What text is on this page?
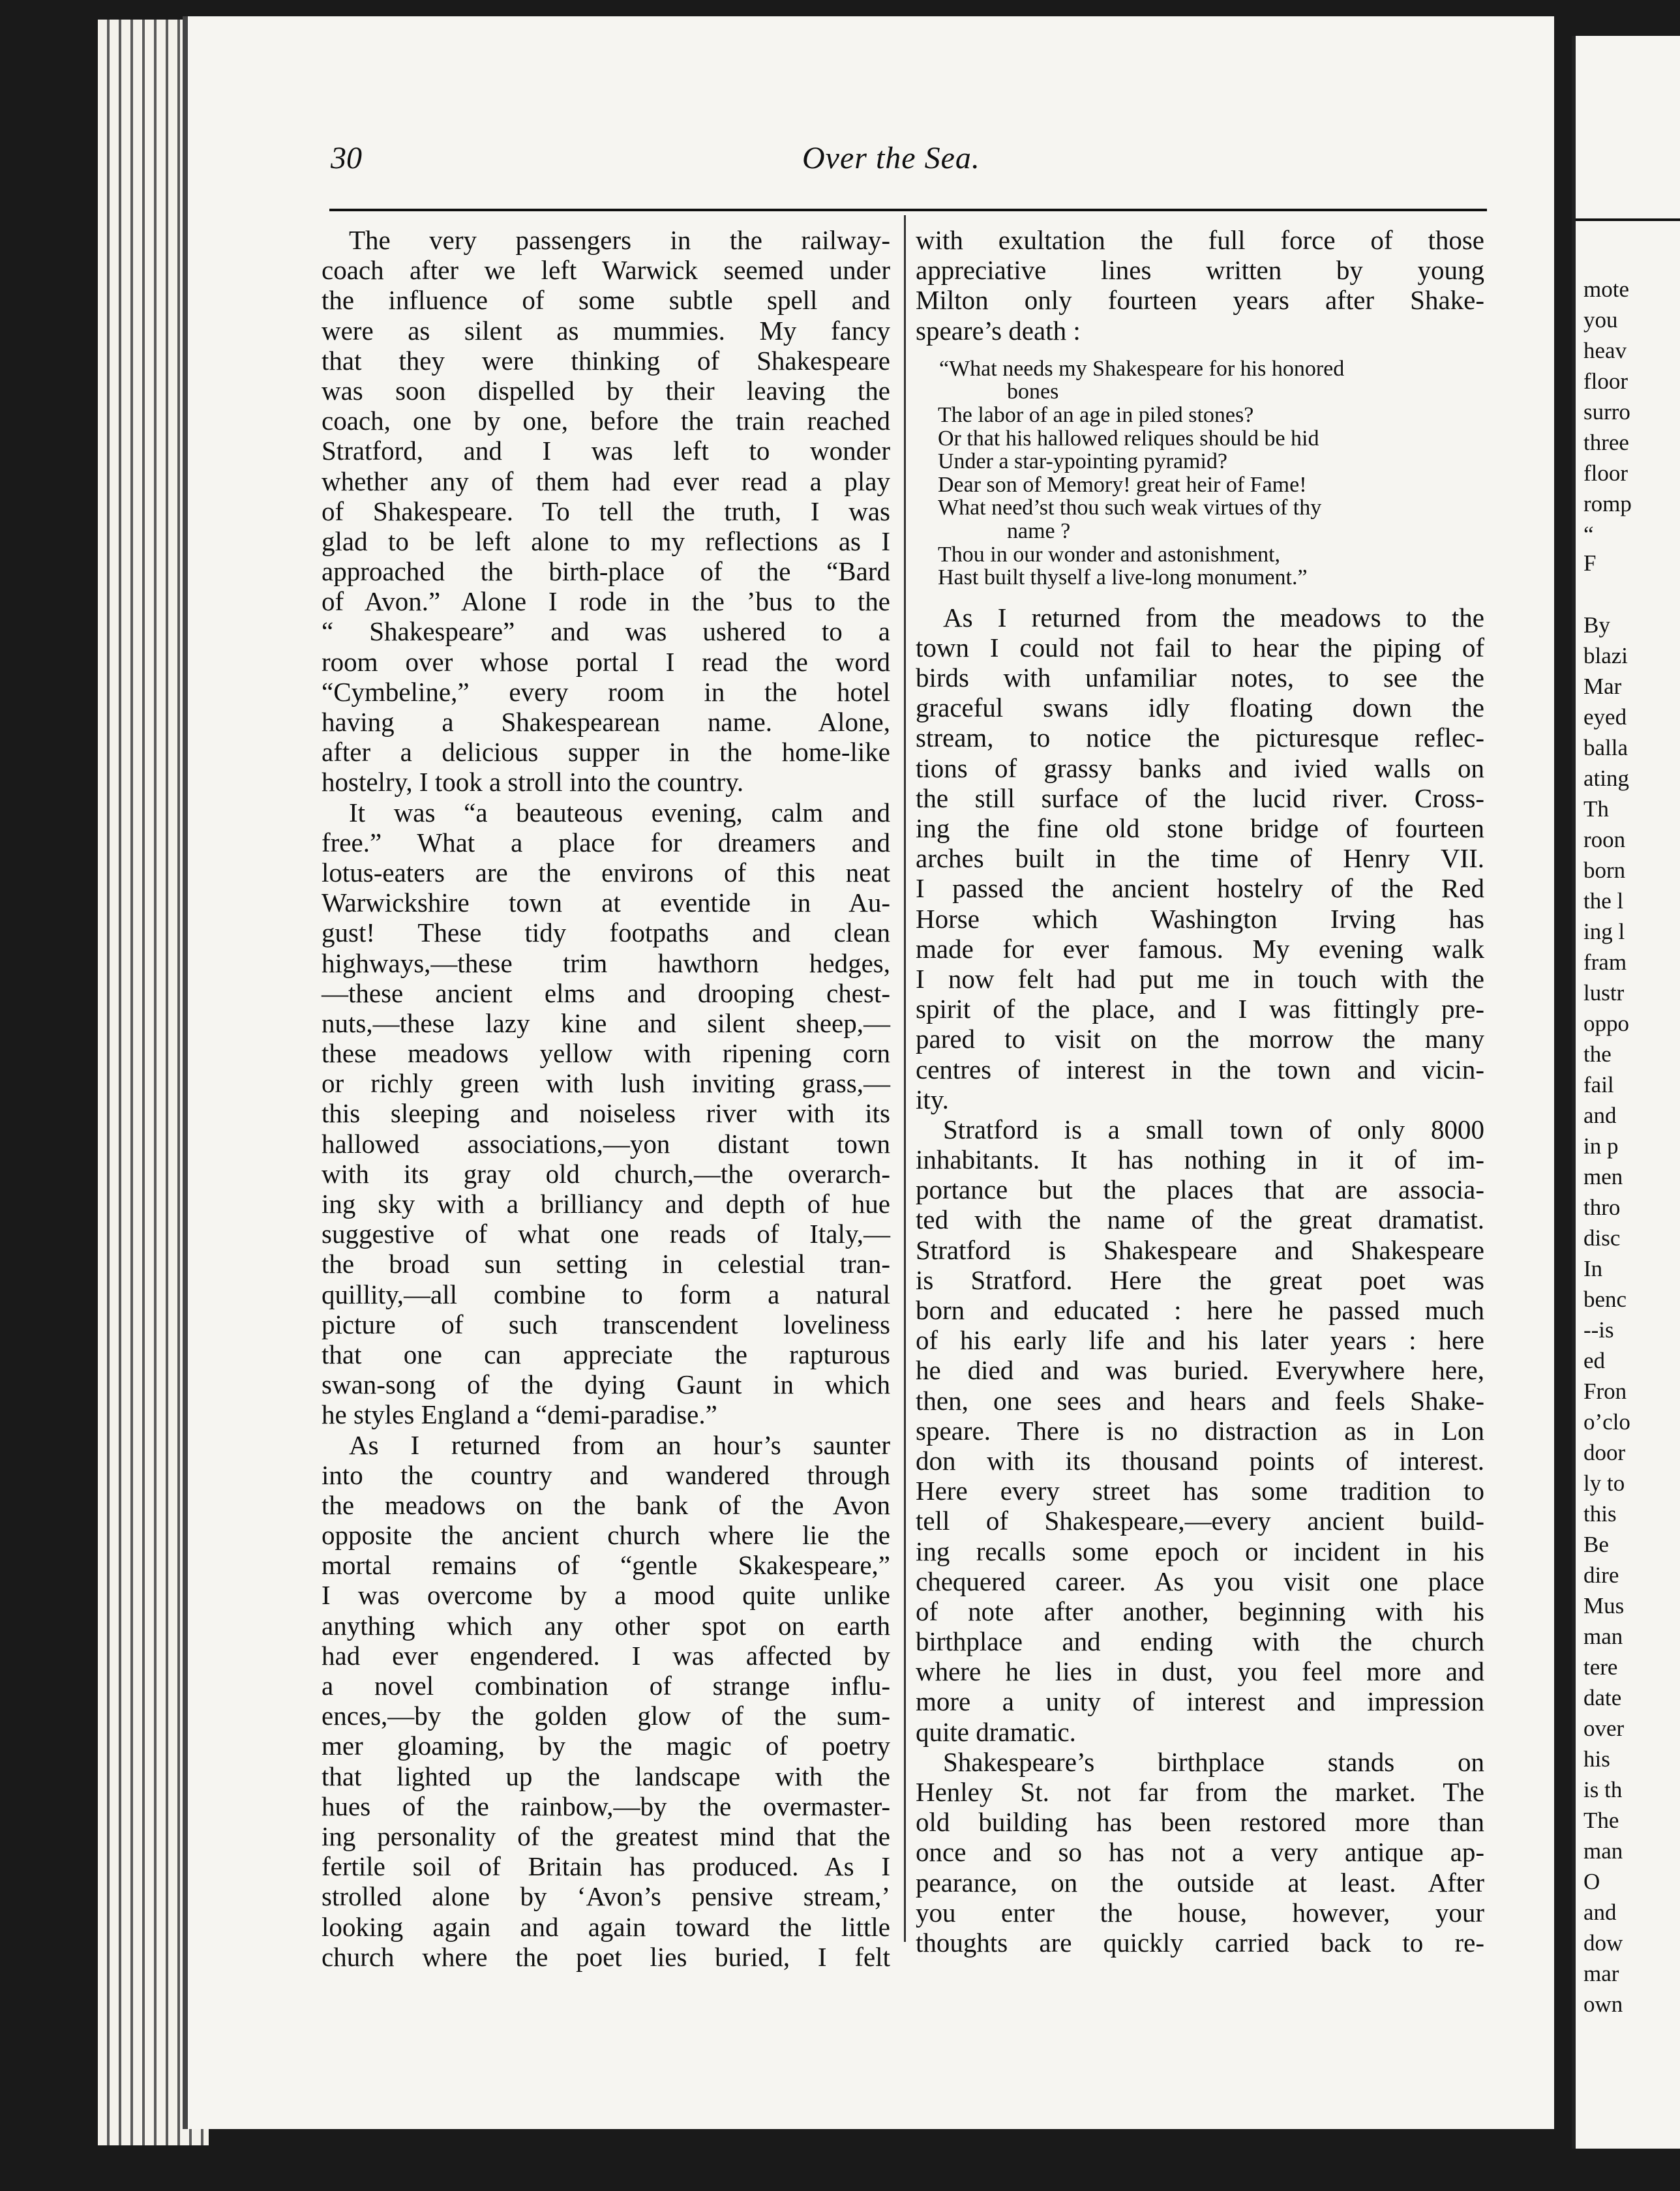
mote
you
heav
floor
surro
three
floor
romp
“
F
By
blazi
Mar
eyed
balla
ating
Th
roon
born
the l
ing l
fram
lustr
oppo
the
fail
and
in p
men
thro
disc
In
benc
--is
ed
Fron
o’clo
door
ly to
this
Be
dire
Mus
man
tere
date
over
his
is th
The
man
O
and
dow
mar
own
30	Over the Sea.
The very passengers in the railway-
coach after we left Warwick seemed under
the influence of some subtle spell and
were as silent as mummies. My fancy
that they were thinking of Shakespeare
was soon dispelled by their leaving the
coach, one by one, before the train reached
Stratford, and I was left to wonder
whether any of them had ever read a play
of Shakespeare. To tell the truth, I was
glad to be left alone to my reflections as I
approached the birth-place of the “Bard
of Avon.” Alone I rode in the ’bus to the
“ Shakespeare” and was ushered to a
room over whose portal I read the word
“Cymbeline,” every room in the hotel
having a Shakespearean name. Alone,
after a delicious supper in the home-like
hostelry, I took a stroll into the country.
It was “a beauteous evening, calm and
free.” What a place for dreamers and
lotus-eaters are the environs of this neat
Warwickshire town at eventide in Au-
gust! These tidy footpaths and clean
highways,—these trim hawthorn hedges,
—these ancient elms and drooping chest-
nuts,—these lazy kine and silent sheep,—
these meadows yellow with ripening corn
or richly green with lush inviting grass,—
this sleeping and noiseless river with its
hallowed associations,—yon distant town
with its gray old church,—the overarch-
ing sky with a brilliancy and depth of hue
suggestive of what one reads of Italy,—
the broad sun setting in celestial tran-
quillity,—all combine to form a natural
picture of such transcendent loveliness
that one can appreciate the rapturous
swan-song of the dying Gaunt in which
he styles England a “demi-paradise.”
As I returned from an hour’s saunter
into the country and wandered through
the meadows on the bank of the Avon
opposite the ancient church where lie the
mortal remains of “gentle Skakespeare,”
I was overcome by a mood quite unlike
anything which any other spot on earth
had ever engendered. I was affected by
a novel combination of strange influ-
ences,—by the golden glow of the sum-
mer gloaming, by the magic of poetry
that lighted up the landscape with the
hues of the rainbow,—by the overmaster-
ing personality of the greatest mind that the
fertile soil of Britain has produced. As I
strolled alone by ‘Avon’s pensive stream,’
looking again and again toward the little
church where the poet lies buried, I felt
with exultation the full force of those
appreciative lines written by young
Milton only fourteen years after Shake-
speare’s death :
“What needs my Shakespeare for his honored
bones
The labor of an age in piled stones?
Or that his hallowed reliques should be hid
Under a star-ypointing pyramid?
Dear son of Memory! great heir of Fame!
What need’st thou such weak virtues of thy
name ?
Thou in our wonder and astonishment,
Hast built thyself a live-long monument.”
As I returned from the meadows to the
town I could not fail to hear the piping of
birds with unfamiliar notes, to see the
graceful swans idly floating down the
stream, to notice the picturesque reflec-
tions of grassy banks and ivied walls on
the still surface of the lucid river. Cross-
ing the fine old stone bridge of fourteen
arches built in the time of Henry VII.
I passed the ancient hostelry of the Red
Horse which Washington Irving has
made for ever famous. My evening walk
I now felt had put me in touch with the
spirit of the place, and I was fittingly pre-
pared to visit on the morrow the many
centres of interest in the town and vicin-
ity.
Stratford is a small town of only 8000
inhabitants. It has nothing in it of im-
portance but the places that are associa-
ted with the name of the great dramatist.
Stratford is Shakespeare and Shakespeare
is Stratford. Here the great poet was
born and educated : here he passed much
of his early life and his later years : here
he died and was buried. Everywhere here,
then, one sees and hears and feels Shake-
speare. There is no distraction as in Lon
don with its thousand points of interest.
Here every street has some tradition to
tell of Shakespeare,—every ancient build-
ing recalls some epoch or incident in his
chequered career. As you visit one place
of note after another, beginning with his
birthplace and ending with the church
where he lies in dust, you feel more and
more a unity of interest and impression
quite dramatic.
Shakespeare’s birthplace stands on
Henley St. not far from the market. The
old building has been restored more than
once and so has not a very antique ap-
pearance, on the outside at least. After
you enter the house, however, your
thoughts are quickly carried back to re-
